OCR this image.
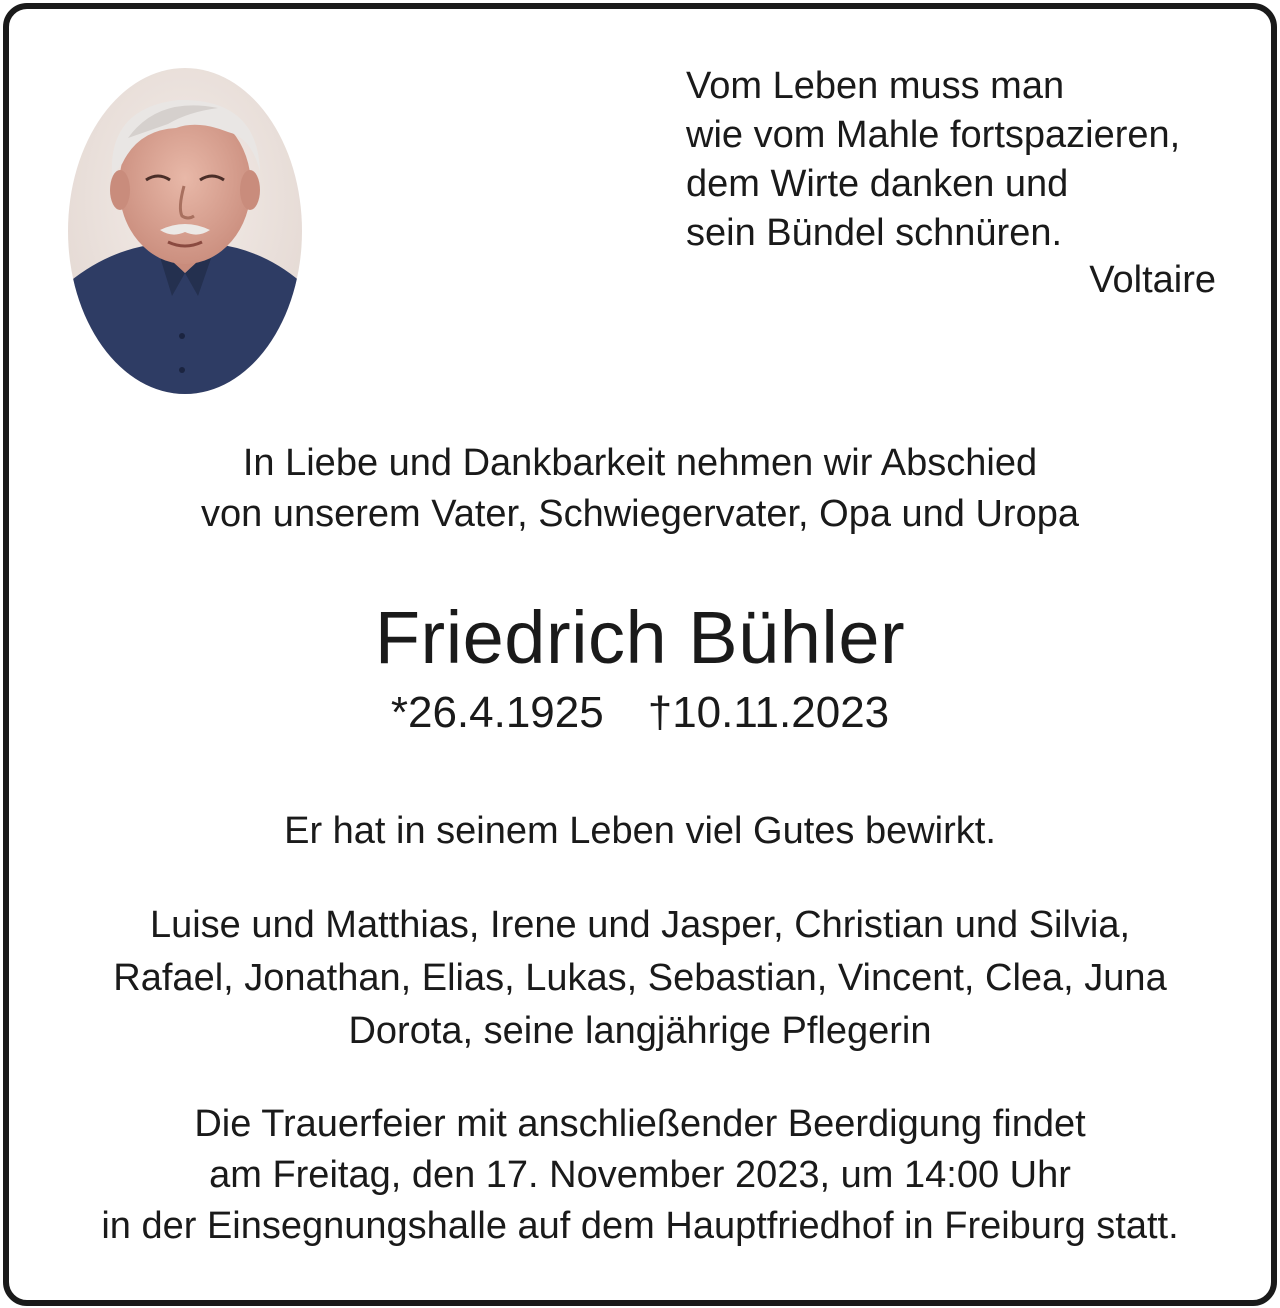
Vom Leben muss man
wie vom Mahle fortspazieren,
dem Wirte danken und
sein Bündel schnüren.
Voltaire
In Liebe und Dankbarkeit nehmen wir Abschied
von unserem Vater, Schwiegervater, Opa und Uropa
Friedrich Bühler
*26.4.1925 †10.11.2023
Er hat in seinem Leben viel Gutes bewirkt.
Luise und Matthias, Irene und Jasper, Christian und Silvia,
Rafael, Jonathan, Elias, Lukas, Sebastian, Vincent, Clea, Juna
Dorota, seine langjährige Pflegerin
Die Trauerfeier mit anschließender Beerdigung findet
am Freitag, den 17. November 2023, um 14:00 Uhr
in der Einsegnungshalle auf dem Hauptfriedhof in Freiburg statt.
